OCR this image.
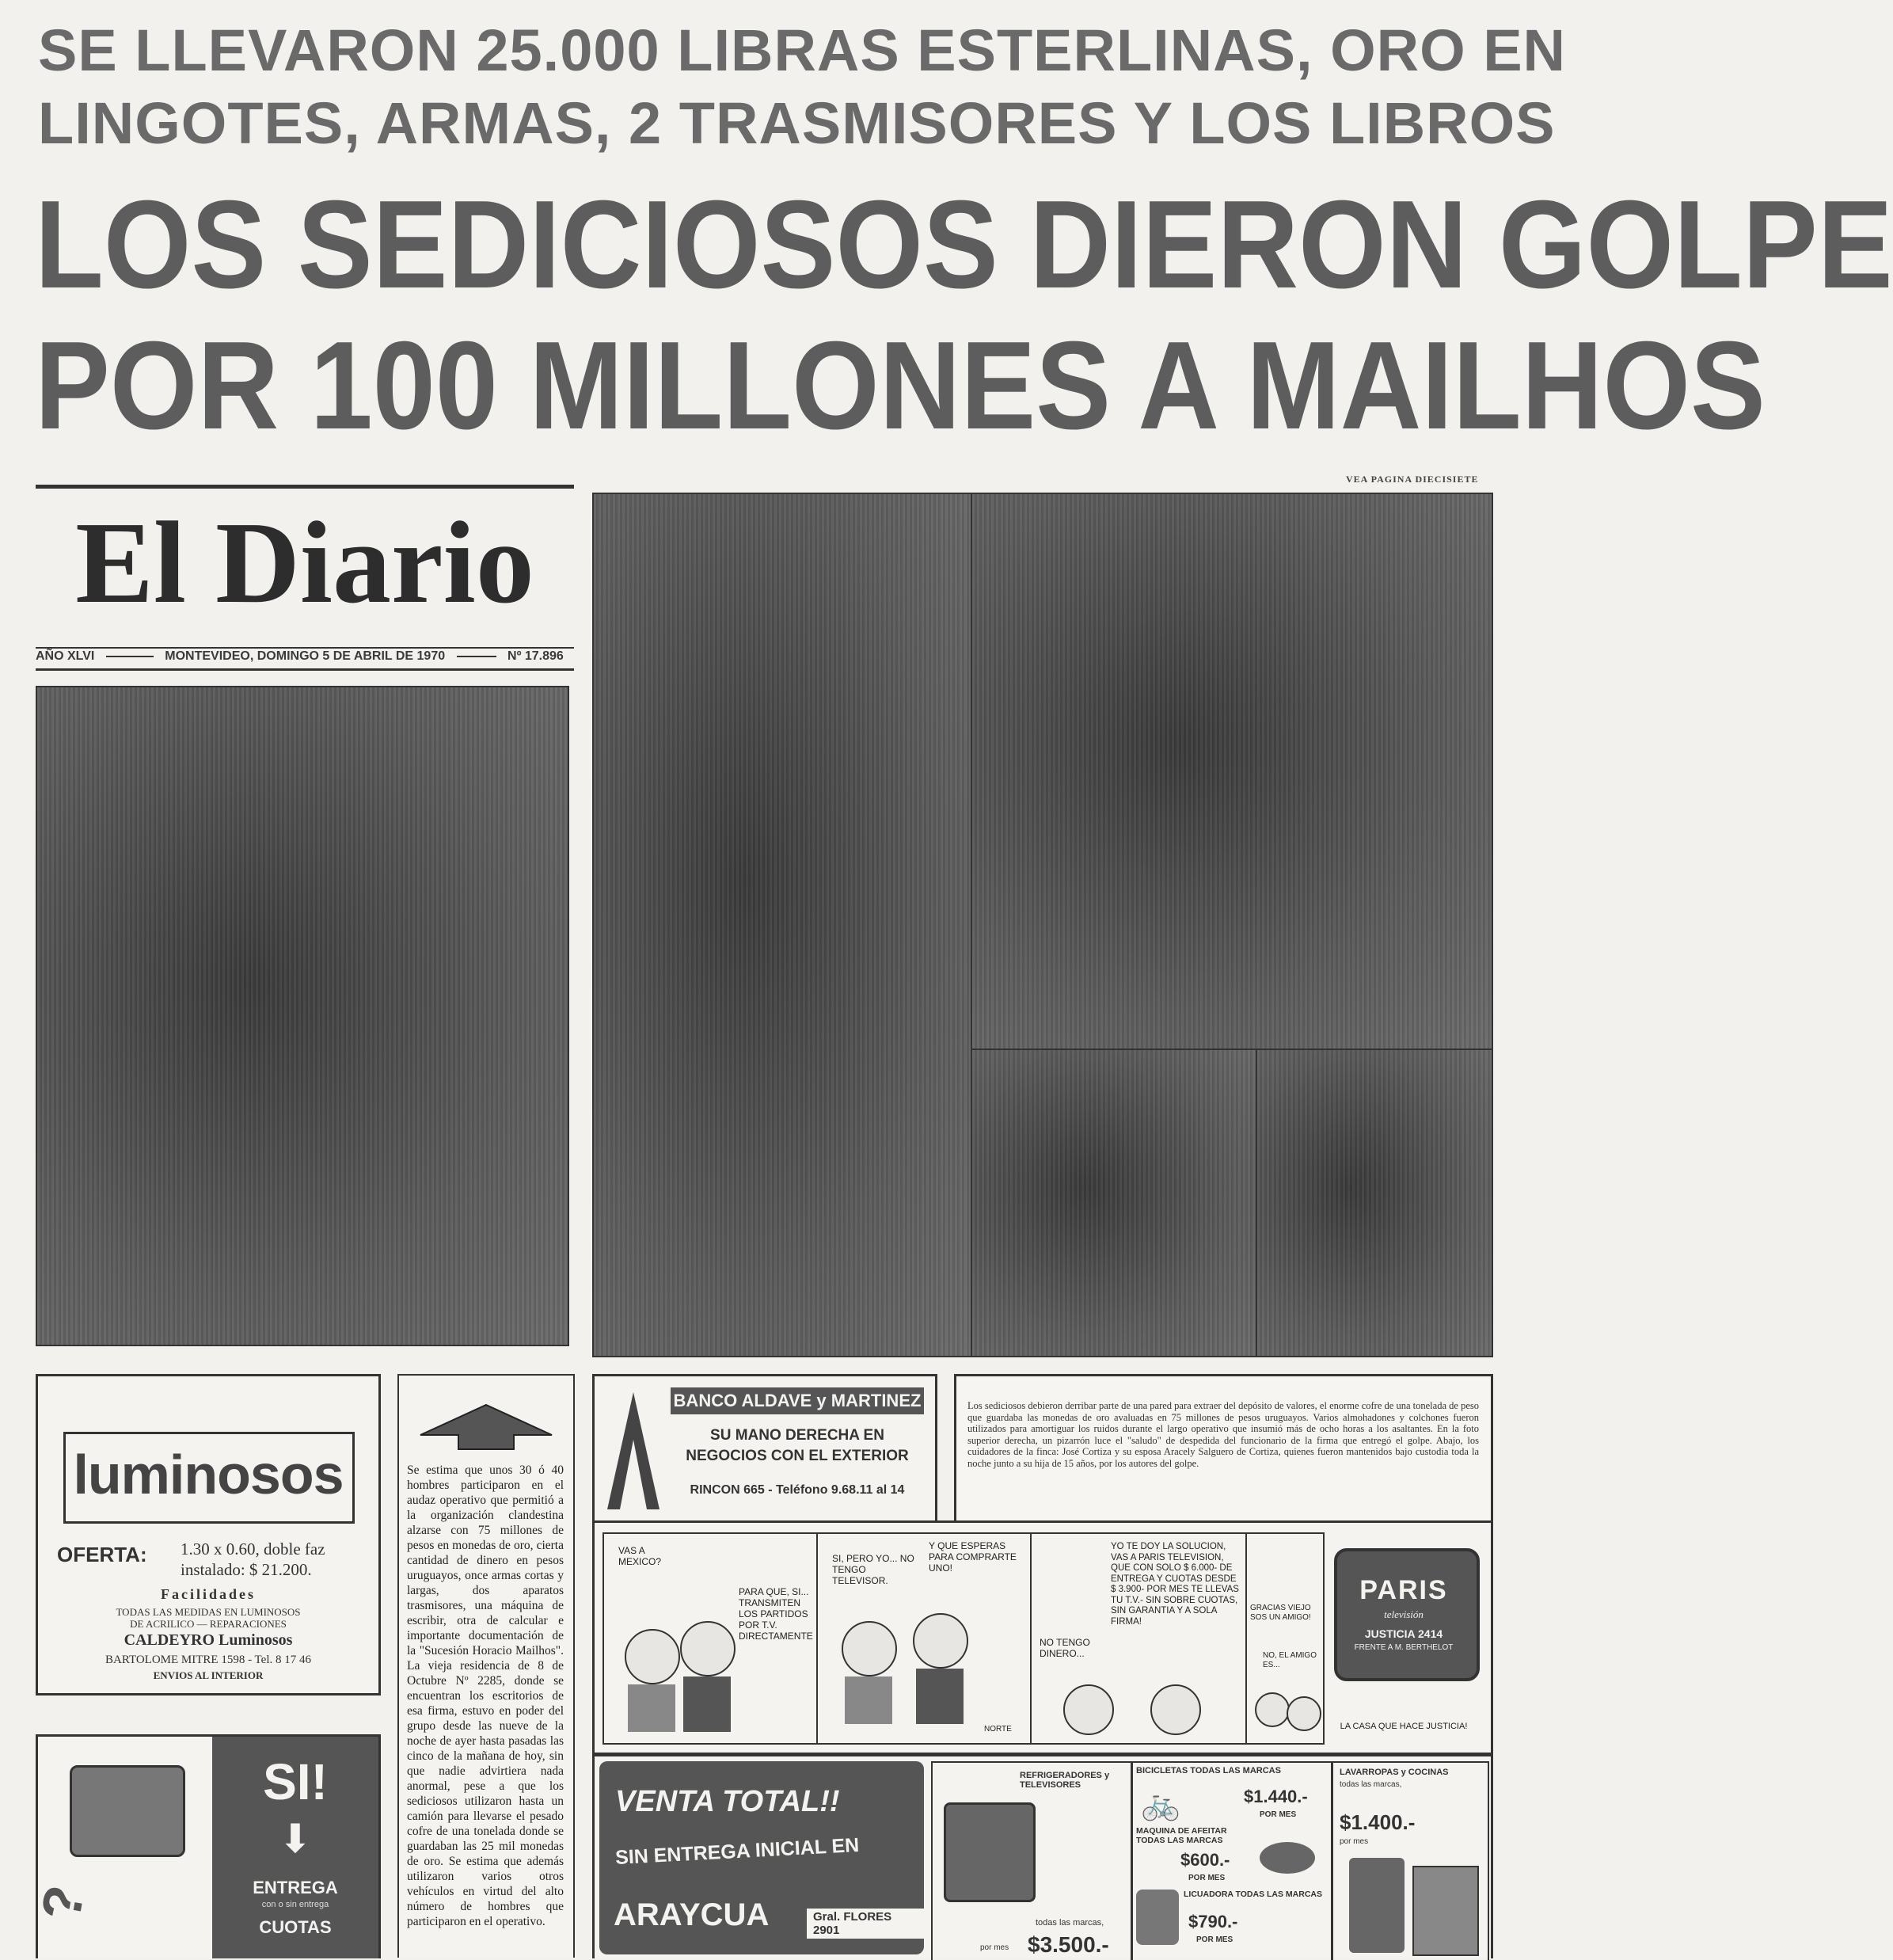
SE LLEVARON 25.000 LIBRAS ESTERLINAS, ORO EN
LINGOTES, ARMAS, 2 TRASMISORES Y LOS LIBROS
LOS SEDICIOSOS DIERON GOLPE
POR 100 MILLONES A MAILHOS
VEA PAGINA DIECISIETE
El Diario
AÑO XLVI	MONTEVIDEO, DOMINGO 5 DE ABRIL DE 1970	Nº 17.896
luminosos
OFERTA: 1.30 x 0.60, doble faz
instalado: $ 21.200.
Facilidades
TODAS LAS MEDIDAS EN LUMINOSOS
DE ACRILICO — REPARACIONES
CALDEYRO Luminosos
BARTOLOME MITRE 1598 - Tel. 8 17 46
ENVIOS AL INTERIOR
Se estima que unos 30 ó 40 hombres participaron en el audaz operativo que permitió a la organización clandestina alzarse con 75 millones de pesos en monedas de oro, cierta cantidad de dinero en pesos uruguayos, once armas cortas y largas, dos aparatos trasmisores, una máquina de escribir, otra de calcular e importante documentación de la "Sucesión Horacio Mailhos". La vieja residencia de 8 de Octubre Nº 2285, donde se encuentran los escritorios de esa firma, estuvo en poder del grupo desde las nueve de la noche de ayer hasta pasadas las cinco de la mañana de hoy, sin que nadie advirtiera nada anormal, pese a que los sediciosos utilizaron hasta un camión para llevarse el pesado cofre de una tonelada donde se guardaban las 25 mil monedas de oro. Se estima que además utilizaron varios otros vehículos en virtud del alto número de hombres que participaron en el operativo.
BANCO ALDAVE y MARTINEZ
SU MANO DERECHA EN
NEGOCIOS CON EL EXTERIOR
RINCON 665 - Teléfono 9.68.11 al 14
Los sediciosos debieron derribar parte de una pared para extraer del depósito de valores, el enorme cofre de una tonelada de peso que guardaba las monedas de oro avaluadas en 75 millones de pesos uruguayos. Varios almohadones y colchones fueron utilizados para amortiguar los ruidos durante el largo operativo que insumió más de ocho horas a los asaltantes. En la foto superior derecha, un pizarrón luce el "saludo" de despedida del funcionario de la firma que entregó el golpe. Abajo, los cuidadores de la finca: José Cortiza y su esposa Aracely Salguero de Cortiza, quienes fueron mantenidos bajo custodia toda la noche junto a su hija de 15 años, por los autores del golpe.
VAS A MEXICO?
PARA QUE, SI... TRANSMITEN LOS PARTIDOS POR T.V. DIRECTAMENTE
SI, PERO YO... NO TENGO TELEVISOR.
Y QUE ESPERAS PARA COMPRARTE UNO!
NORTE
YO TE DOY LA SOLUCION, VAS A PARIS TELEVISION, QUE CON SOLO $ 6.000- DE ENTREGA Y CUOTAS DESDE $ 3.900- POR MES TE LLEVAS TU T.V.- SIN SOBRE CUOTAS, SIN GARANTIA Y A SOLA FIRMA!
NO TENGO DINERO...
GRACIAS VIEJO SOS UN AMIGO!
NO, EL AMIGO ES...
PARIS
televisión
JUSTICIA 2414
FRENTE A M. BERTHELOT
LA CASA QUE HACE JUSTICIA!
?
SI!
⬇
ENTREGA
con o sin entrega
CUOTAS
VENTA TOTAL!!
SIN ENTREGA INICIAL EN
ARAYCUA	Gral. FLORES 2901
REFRIGERADORES y TELEVISORES
todas las marcas,
por mes $3.500.-
BICICLETAS TODAS LAS MARCAS
🚲	$1.440.-
POR MES
MAQUINA DE AFEITAR TODAS LAS MARCAS
$600.-
POR MES
LICUADORA TODAS LAS MARCAS
$790.-
POR MES
LAVARROPAS y COCINAS
todas las marcas,
$1.400.-
por mes
